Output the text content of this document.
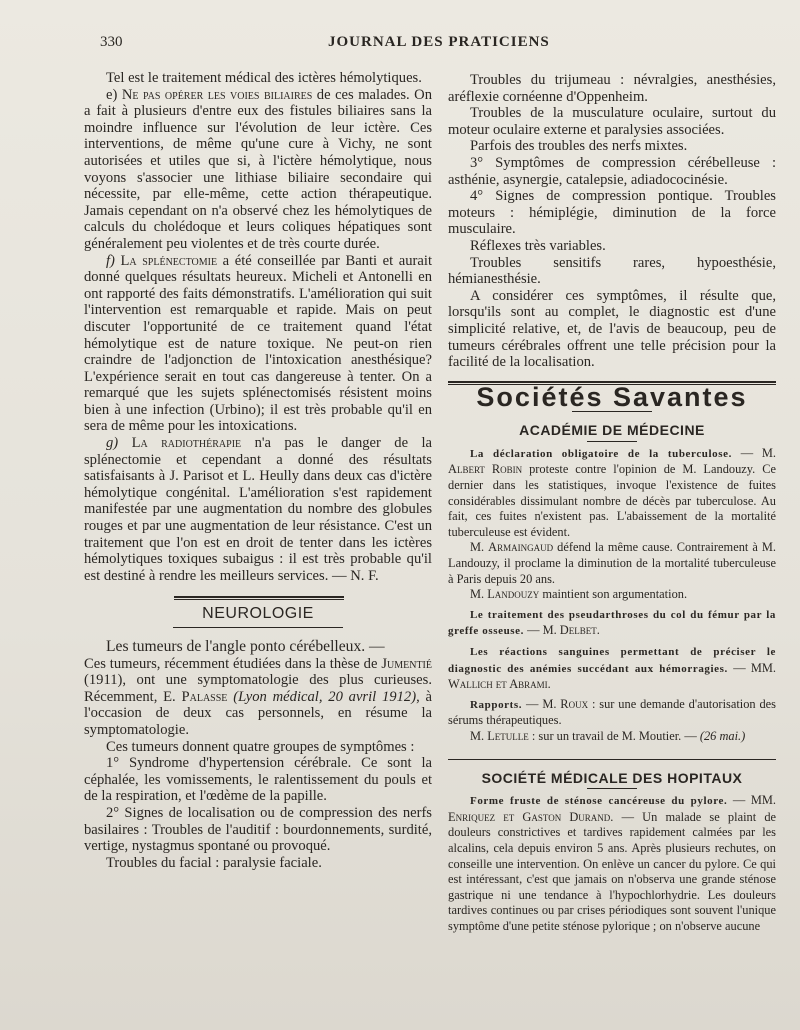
330	JOURNAL DES PRATICIENS

Tel est le traitement médical des ictères hémolytiques.

e) Ne pas opérer les voies biliaires de ces malades. On a fait à plusieurs d'entre eux des fistules biliaires sans la moindre influence sur l'évolution de leur ictère. Ces interventions, de même qu'une cure à Vichy, ne sont autorisées et utiles que si, à l'ictère hémolytique, nous voyons s'associer une lithiase biliaire secondaire qui nécessite, par elle-même, cette action thérapeutique. Jamais cependant on n'a observé chez les hémolytiques de calculs du cholédoque et leurs coliques hépatiques sont généralement peu violentes et de très courte durée.

f) La splénectomie a été conseillée par Banti et aurait donné quelques résultats heureux. Micheli et Antonelli en ont rapporté des faits démonstratifs. L'amélioration qui suit l'intervention est remarquable et rapide. Mais on peut discuter l'opportunité de ce traitement quand l'état hémolytique est de nature toxique. Ne peut-on rien craindre de l'adjonction de l'intoxication anesthésique? L'expérience serait en tout cas dangereuse à tenter. On a remarqué que les sujets splénectomisés résistent moins bien à une infection (Urbino); il est très probable qu'il en sera de même pour les intoxications.

g) La radiothérapie n'a pas le danger de la splénectomie et cependant a donné des résultats satisfaisants à J. Parisot et L. Heully dans deux cas d'ictère hémolytique congénital. L'amélioration s'est rapidement manifestée par une augmentation du nombre des globules rouges et par une augmentation de leur résistance. C'est un traitement que l'on est en droit de tenter dans les ictères hémolytiques toxiques subaigus : il est très probable qu'il est destiné à rendre les meilleurs services. — N. F.

NEUROLOGIE

Les tumeurs de l'angle ponto cérébelleux. —

Ces tumeurs, récemment étudiées dans la thèse de Jumentié (1911), ont une symptomatologie des plus curieuses. Récemment, E. Palasse (Lyon médical, 20 avril 1912), à l'occasion de deux cas personnels, en résume la symptomatologie.

Ces tumeurs donnent quatre groupes de symptômes :

1° Syndrome d'hypertension cérébrale. Ce sont la céphalée, les vomissements, le ralentissement du pouls et de la respiration, et l'œdème de la papille.

2° Signes de localisation ou de compression des nerfs basilaires : Troubles de l'auditif : bourdonnements, surdité, vertige, nystagmus spontané ou provoqué.

Troubles du facial : paralysie faciale.

Troubles du trijumeau : névralgies, anesthésies, aréflexie cornéenne d'Oppenheim.

Troubles de la musculature oculaire, surtout du moteur oculaire externe et paralysies associées.

Parfois des troubles des nerfs mixtes.

3° Symptômes de compression cérébelleuse : asthénie, asynergie, catalepsie, adiadococinésie.

4° Signes de compression pontique. Troubles moteurs : hémiplégie, diminution de la force musculaire.

Réflexes très variables.

Troubles sensitifs rares, hypoesthésie, hémianesthésie.

A considérer ces symptômes, il résulte que, lorsqu'ils sont au complet, le diagnostic est d'une simplicité relative, et, de l'avis de beaucoup, peu de tumeurs cérébrales offrent une telle précision pour la facilité de la localisation.

Sociétés Savantes
ACADÉMIE DE MÉDECINE

La déclaration obligatoire de la tuberculose. — M. Albert Robin proteste contre l'opinion de M. Landouzy. Ce dernier dans les statistiques, invoque l'existence de fuites considérables dissimulant nombre de décès par tuberculose. Au fait, ces fuites n'existent pas. L'abaissement de la mortalité tuberculeuse est évident.

M. Armaingaud défend la même cause. Contrairement à M. Landouzy, il proclame la diminution de la mortalité tuberculeuse à Paris depuis 20 ans.

M. Landouzy maintient son argumentation.

Le traitement des pseudarthroses du col du fémur par la greffe osseuse. — M. Delbet.

Les réactions sanguines permettant de préciser le diagnostic des anémies succédant aux hémorragies. — MM. Wallich et Abrami.

Rapports. — M. Roux : sur une demande d'autorisation des sérums thérapeutiques.

M. Letulle : sur un travail de M. Moutier. — (26 mai.)

SOCIÉTÉ MÉDICALE DES HOPITAUX

Forme fruste de sténose cancéreuse du pylore. — MM. Enriquez et Gaston Durand. — Un malade se plaint de douleurs constrictives et tardives rapidement calmées par les alcalins, cela depuis environ 5 ans. Après plusieurs rechutes, on conseille une intervention. On enlève un cancer du pylore. Ce qui est intéressant, c'est que jamais on n'observa une grande sténose gastrique ni une tendance à l'hypochlorhydrie. Les douleurs tardives continues ou par crises périodiques sont souvent l'unique symptôme d'une petite sténose pylorique ; on n'observe aucune
